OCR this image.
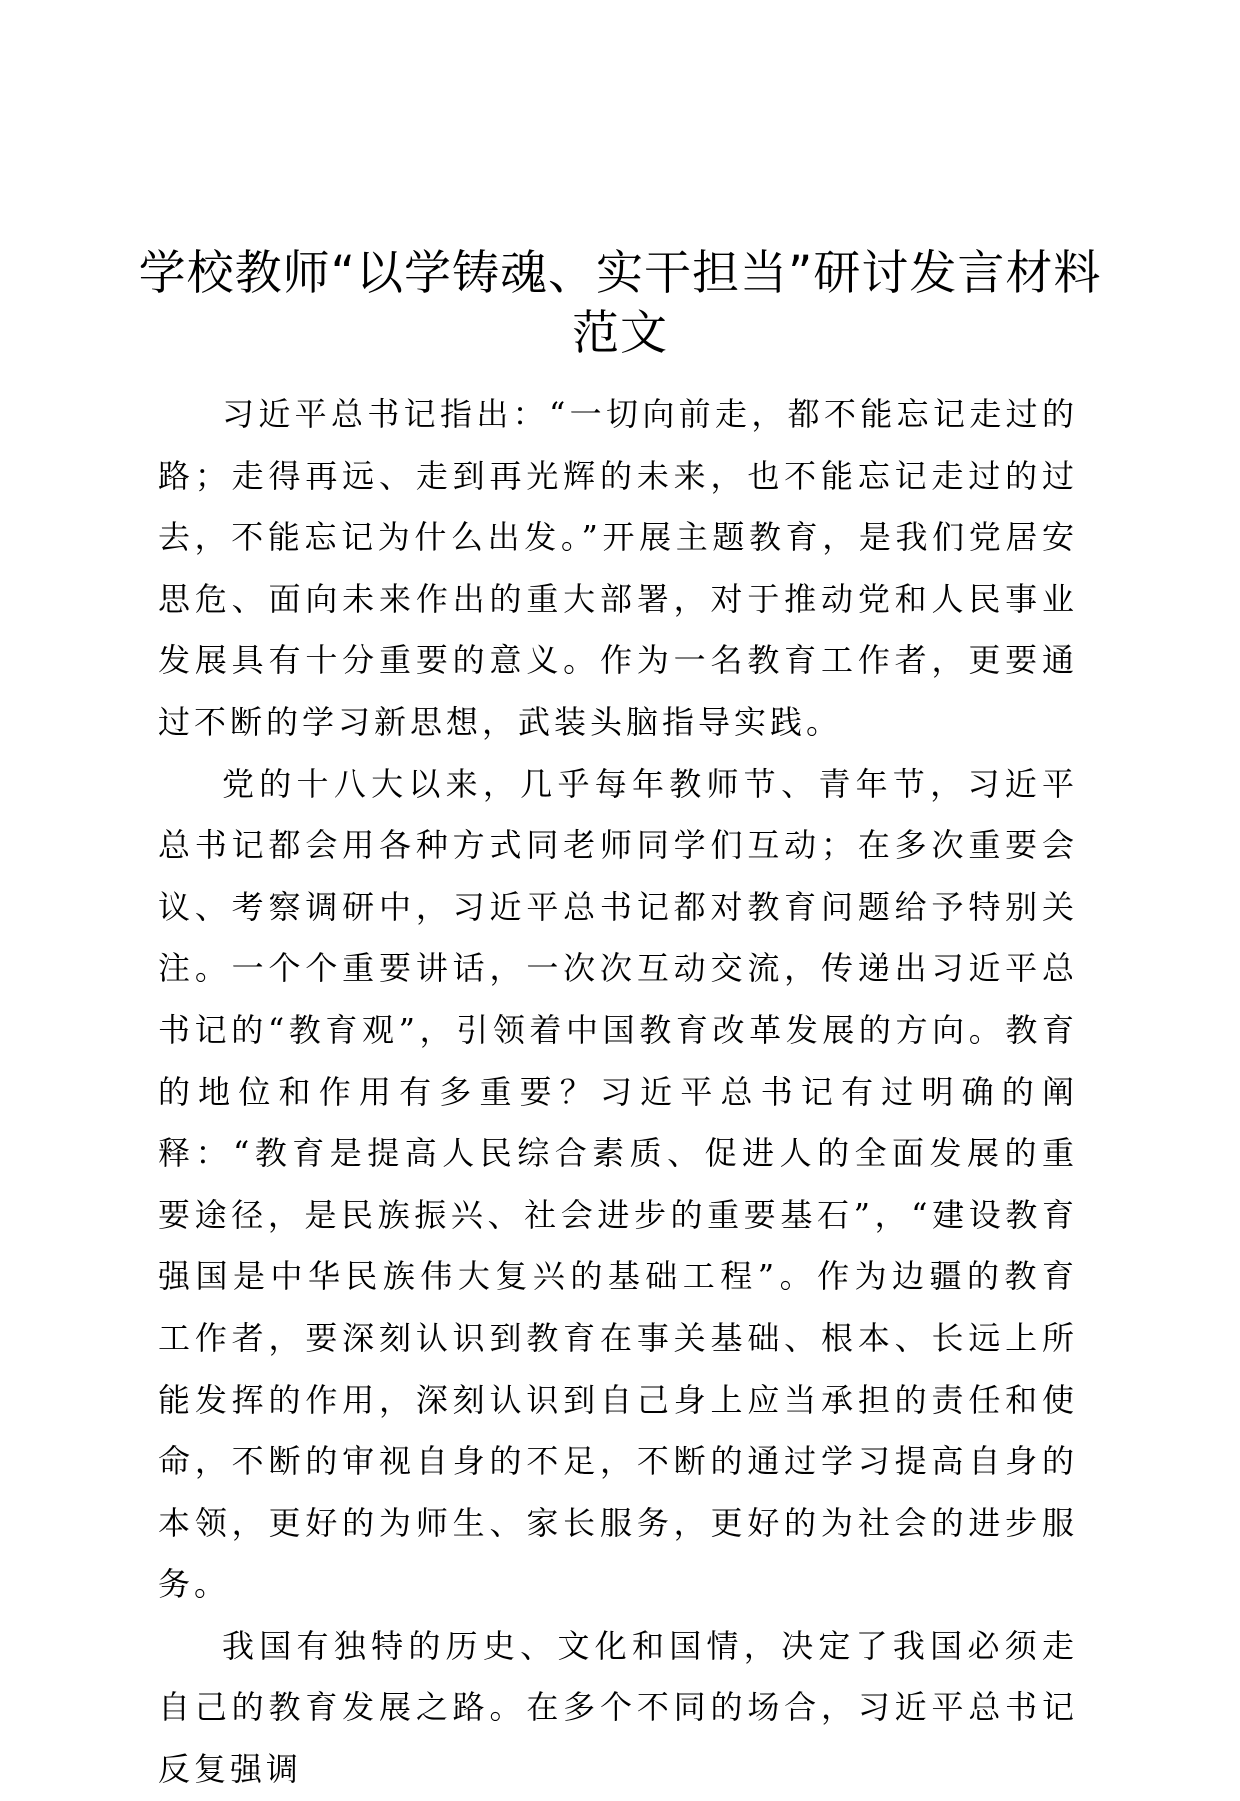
学校教师“以学铸魂、实干担当”研讨发言材料范文

习近平总书记指出：“一切向前走，都不能忘记走过的路；走得再远、走到再光辉的未来，也不能忘记走过的过去，不能忘记为什么出发。”开展主题教育，是我们党居安思危、面向未来作出的重大部署，对于推动党和人民事业发展具有十分重要的意义。作为一名教育工作者，更要通过不断的学习新思想，武装头脑指导实践。

党的十八大以来，几乎每年教师节、青年节，习近平总书记都会用各种方式同老师同学们互动；在多次重要会议、考察调研中，习近平总书记都对教育问题给予特别关注。一个个重要讲话，一次次互动交流，传递出习近平总书记的“教育观”，引领着中国教育改革发展的方向。教育的地位和作用有多重要？习近平总书记有过明确的阐释：“教育是提高人民综合素质、促进人的全面发展的重要途径，是民族振兴、社会进步的重要基石”，“建设教育强国是中华民族伟大复兴的基础工程”。作为边疆的教育工作者，要深刻认识到教育在事关基础、根本、长远上所能发挥的作用，深刻认识到自己身上应当承担的责任和使命，不断的审视自身的不足，不断的通过学习提高自身的本领，更好的为师生、家长服务，更好的为社会的进步服务。

我国有独特的历史、文化和国情，决定了我国必须走自己的教育发展之路。在多个不同的场合，习近平总书记反复强调
